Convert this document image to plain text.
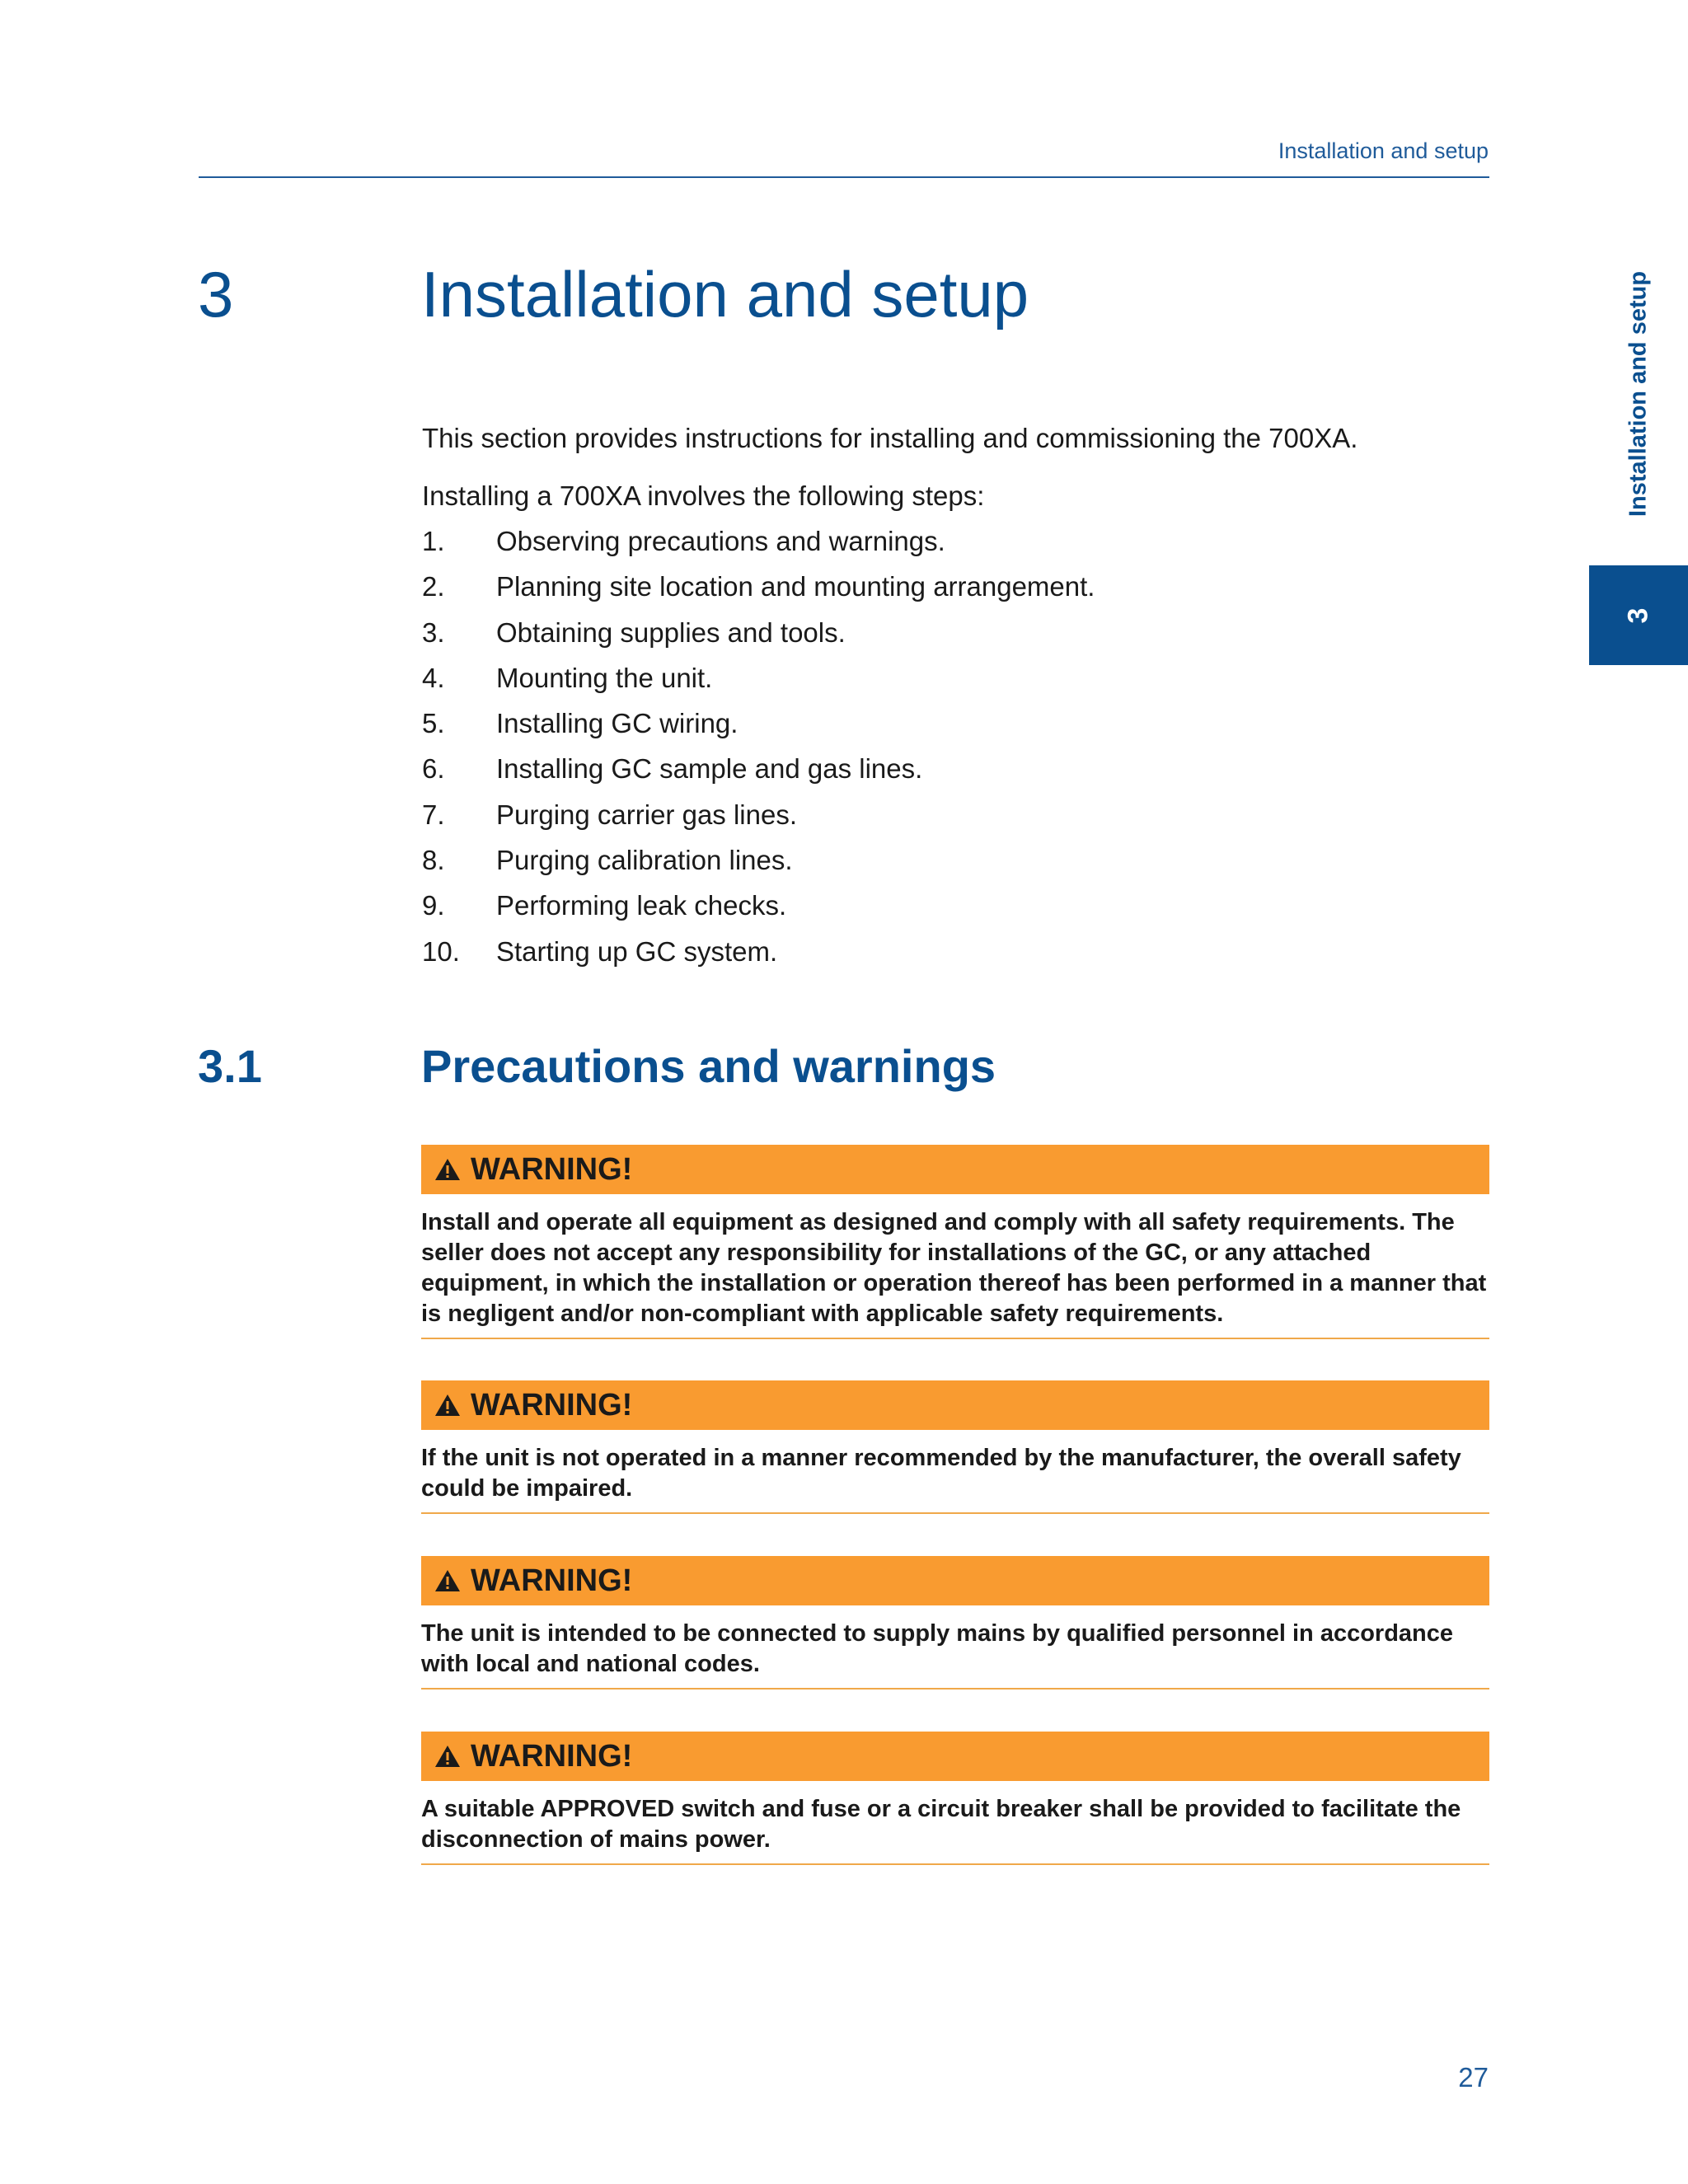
Installation and setup
Installation and setup
3
3	Installation and setup

This section provides instructions for installing and commissioning the 700XA.

Installing a 700XA involves the following steps:

1. Observing precautions and warnings.
2. Planning site location and mounting arrangement.
3. Obtaining supplies and tools.
4. Mounting the unit.
5. Installing GC wiring.
6. Installing GC sample and gas lines.
7. Purging carrier gas lines.
8. Purging calibration lines.
9. Performing leak checks.
10. Starting up GC system.
3.1	Precautions and warnings
WARNING!

Install and operate all equipment as designed and comply with all safety requirements. The seller does not accept any responsibility for installations of the GC, or any attached equipment, in which the installation or operation thereof has been performed in a manner that is negligent and/or non-compliant with applicable safety requirements.

WARNING!

If the unit is not operated in a manner recommended by the manufacturer, the overall safety could be impaired.

WARNING!

The unit is intended to be connected to supply mains by qualified personnel in accordance with local and national codes.

WARNING!

A suitable APPROVED switch and fuse or a circuit breaker shall be provided to facilitate the disconnection of mains power.

27
